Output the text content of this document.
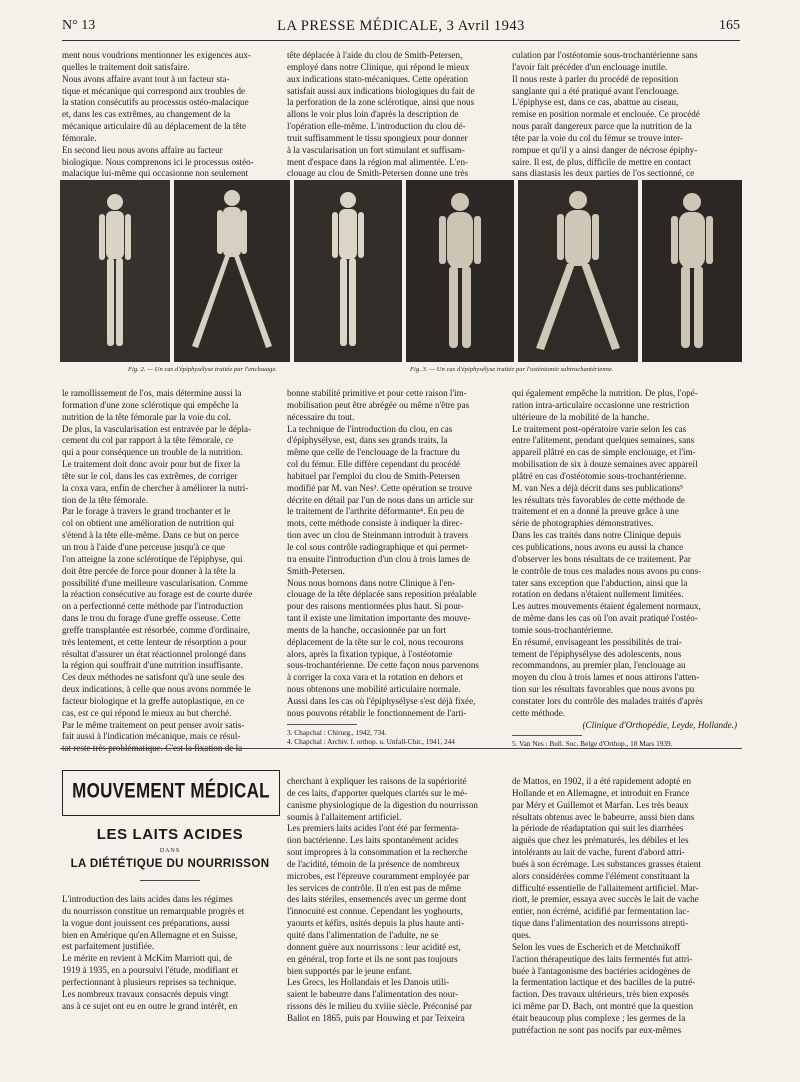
N° 13	LA PRESSE MÉDICALE, 3 Avril 1943	165

ment nous voudrions mentionner les exigences aux-

quelles le traitement doit satisfaire.

Nous avons affaire avant tout à un facteur sta-

tique et mécanique qui correspond aux troubles de

la station consécutifs au processus ostéo-malacique

et, dans les cas extrêmes, au changement de la

mécanique articulaire dû au déplacement de la tête

fémorale.

En second lieu nous avons affaire au facteur

biologique. Nous comprenons ici le processus ostéo-

malacique lui-même qui occasionne non seulement

tête déplacée à l'aide du clou de Smith-Petersen,

employé dans notre Clinique, qui répond le mieux

aux indications stato-mécaniques. Cette opération

satisfait aussi aux indications biologiques du fait de

la perforation de la zone sclérotique, ainsi que nous

allons le voir plus loin d'après la description de

l'opération elle-même. L'introduction du clou dé-

truit suffisamment le tissu spongieux pour donner

à la vascularisation un fort stimulant et suffisam-

ment d'espace dans la région mal alimentée. L'en-

clouage au clou de Smith-Petersen donne une très

culation par l'ostéotomie sous-trochantérienne sans

l'avoir fait précéder d'un enclouage inutile.

Il nous reste à parler du procédé de reposition

sanglante qui a été pratiqué avant l'enclouage.

L'épiphyse est, dans ce cas, abattue au ciseau,

remise en position normale et enclouée. Ce procédé

nous paraît dangereux parce que la nutrition de la

tête par la voie du col du fémur se trouve inter-

rompue et qu'il y a ainsi danger de nécrose épiphy-

saire. Il est, de plus, difficile de mettre en contact

sans diastasis les deux parties de l'os sectionné, ce

Fig. 2. — Un cas d'épiphysélyse traitée par l'enclouage.	Fig. 3. — Un cas d'épiphysélyse traitée par l'ostéotomie subtrochantérienne.

le ramollissement de l'os, mais détermine aussi la

formation d'une zone sclérotique qui empêche la

nutrition de la tête fémorale par la voie du col.

De plus, la vascularisation est entravée par le dépla-

cement du col par rapport à la tête fémorale, ce

qui a pour conséquence un trouble de la nutrition.

Le traitement doit donc avoir pour but de fixer la

tête sur le col, dans les cas extrêmes, de corriger

la coxa vara, enfin de chercher à améliorer la nutri-

tion de la tête fémorale.

Par le forage à travers le grand trochanter et le

col on obtient une amélioration de nutrition qui

s'étend à la tête elle-même. Dans ce but on perce

un trou à l'aide d'une perceuse jusqu'à ce que

l'on atteigne la zone sclérotique de l'épiphyse, qui

doit être percée de force pour donner à la tête la

possibilité d'une meilleure vascularisation. Comme

la réaction consécutive au forage est de courte durée

on a perfectionné cette méthode par l'introduction

dans le trou du forage d'une greffe osseuse. Cette

greffe transplantée est résorbée, comme d'ordinaire,

très lentement, et cette lenteur de résorption a pour

résultat d'assurer un état réactionnel prolongé dans

la région qui souffrait d'une nutrition insuffisante.

Ces deux méthodes ne satisfont qu'à une seule des

deux indications, à celle que nous avons nommée le

facteur biologique et la greffe autoplastique, en ce

cas, est ce qui répond le mieux au but cherché.

Par le même traitement on peut penser avoir satis-

fait aussi à l'indication mécanique, mais ce résul-

tat reste très problématique. C'est la fixation de la

bonne stabilité primitive et pour cette raison l'im-

mobilisation peut être abrégée ou même n'être pas

nécessaire du tout.

La technique de l'introduction du clou, en cas

d'épiphysélyse, est, dans ses grands traits, la

même que celle de l'enclouage de la fracture du

col du fémur. Elle diffère cependant du procédé

habituel par l'emploi du clou de Smith-Petersen

modifié par M. van Nes³. Cette opération se trouve

décrite en détail par l'un de nous dans un article sur

le traitement de l'arthrite déformante⁴. En peu de

mots, cette méthode consiste à indiquer la direc-

tion avec un clou de Steinmann introduit à travers

le col sous contrôle radiographique et qui permet-

tra ensuite l'introduction d'un clou à trois lames de

Smith-Petersen.

Nous nous bornons dans notre Clinique à l'en-

clouage de la tête déplacée sans reposition préalable

pour des raisons mentionnées plus haut. Si pour-

tant il existe une limitation importante des mouve-

ments de la hanche, occasionnée par un fort

déplacement de la tête sur le col, nous recourons

alors, après la fixation typique, à l'ostéotomie

sous-trochantérienne. De cette façon nous parvenons

à corriger la coxa vara et la rotation en dehors et

nous obtenons une mobilité articulaire normale.

Aussi dans les cas où l'épiphysélyse s'est déjà fixée,

nous pouvons rétablir le fonctionnement de l'arti-

3. Chapchal : Chirurg., 1942, 734.

4. Chapchal : Archiv. f. orthop. u. Unfall-Chir., 1941, 244

qui également empêche la nutrition. De plus, l'opé-

ration intra-articulaire occasionne une restriction

ultérieure de la mobilité de la hanche.

Le traitement post-opératoire varie selon les cas

entre l'alitement, pendant quelques semaines, sans

appareil plâtré en cas de simple enclouage, et l'im-

mobilisation de six à douze semaines avec appareil

plâtré en cas d'ostéotomie sous-trochantérienne.

M. van Nes a déjà décrit dans ses publications⁵

les résultats très favorables de cette méthode de

traitement et en a donné la preuve grâce à une

série de photographies démonstratives.

Dans les cas traités dans notre Clinique depuis

ces publications, nous avons eu aussi la chance

d'observer les bons résultats de ce traitement. Par

le contrôle de tous ces malades nous avons pu cons-

tater sans exception que l'abduction, ainsi que la

rotation en dedans n'étaient nullement limitées.

Les autres mouvements étaient également normaux,

de même dans les cas où l'on avait pratiqué l'ostéo-

tomie sous-trochantérienne.

En résumé, envisageant les possibilités de trai-

tement de l'épiphysélyse des adolescents, nous

recommandons, au premier plan, l'enclouage au

moyen du clou à trois lames et nous attirons l'atten-

tion sur les résultats favorables que nous avons pu

constater lors du contrôle des malades traités d'après

cette méthode.

(Clinique d'Orthopédie, Leyde, Hollande.)

5. Van Nes : Bull. Soc. Belge d'Orthop., 18 Mars 1939.

MOUVEMENT MÉDICAL
LES LAITS ACIDES
DANS
LA DIÉTÉTIQUE DU NOURRISSON

L'introduction des laits acides dans les régimes

du nourrisson constitue un remarquable progrès et

la vogue dont jouissent ces préparations, aussi

bien en Amérique qu'en Allemagne et en Suisse,

est parfaitement justifiée.

Le mérite en revient à McKim Marriott qui, de

1919 à 1935, en a poursuivi l'étude, modifiant et

perfectionnant à plusieurs reprises sa technique.

Les nombreux travaux consacrés depuis vingt

ans à ce sujet ont eu en outre le grand intérêt, en

cherchant à expliquer les raisons de la supériorité

de ces laits, d'apporter quelques clartés sur le mé-

canisme physiologique de la digestion du nourrisson

soumis à l'allaitement artificiel.

Les premiers laits acides l'ont été par fermenta-

tion bactérienne. Les laits spontanément acides

sont impropres à la consommation et la recherche

de l'acidité, témoin de la présence de nombreux

microbes, est l'épreuve couramment employée par

les services de contrôle. Il n'en est pas de même

des laits stériles, ensemencés avec un germe dont

l'innocuité est connue. Cependant les yoghourts,

yaourts et kéfirs, usités depuis la plus haute anti-

quité dans l'alimentation de l'adulte, ne se

donnent guère aux nourrissons : leur acidité est,

en général, trop forte et ils ne sont pas toujours

bien supportés par le jeune enfant.

Les Grecs, les Hollandais et les Danois utili-

saient le babeurre dans l'alimentation des nour-

rissons dès le milieu du xviiie siècle. Préconisé par

Ballot en 1865, puis par Houwing et par Teixeira

de Mattos, en 1902, il a été rapidement adopté en

Hollande et en Allemagne, et introduit en France

par Méry et Guillemot et Marfan. Les très beaux

résultats obtenus avec le babeurre, aussi bien dans

la période de réadaptation qui suit les diarrhées

aiguës que chez les prématurés, les débiles et les

intolérants au lait de vache, furent d'abord attri-

bués à son écrémage. Les substances grasses étaient

alors considérées comme l'élément constituant la

difficulté essentielle de l'allaitement artificiel. Mar-

riott, le premier, essaya avec succès le lait de vache

entier, non écrémé, acidifié par fermentation lac-

tique dans l'alimentation des nourrissons atrepti-

ques.

Selon les vues de Escherich et de Metchnikoff

l'action thérapeutique des laits fermentés fut attri-

buée à l'antagonisme des bactéries acidogènes de

la fermentation lactique et des bacilles de la putré-

faction. Des travaux ultérieurs, très bien exposés

ici même par D. Bach, ont montré que la question

était beaucoup plus complexe ; les germes de la

putréfaction ne sont pas nocifs par eux-mêmes
